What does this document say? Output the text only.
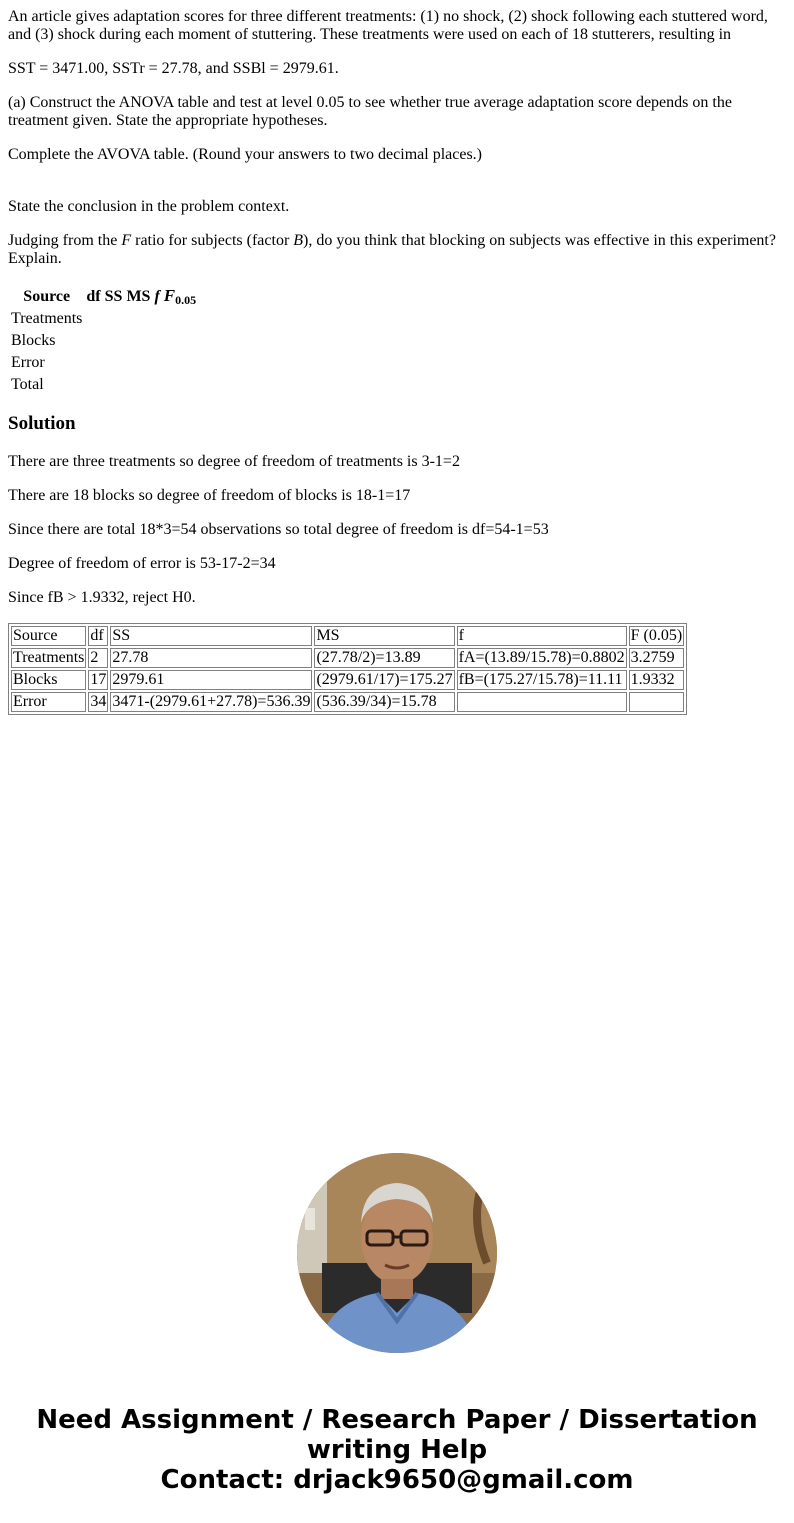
An article gives adaptation scores for three different treatments: (1) no shock, (2) shock following each stuttered word, and (3) shock during each moment of stuttering. These treatments were used on each of 18 stutterers, resulting in

SST = 3471.00, SSTr = 27.78, and SSBl = 2979.61.

(a) Construct the ANOVA table and test at level 0.05 to see whether true average adaptation score depends on the treatment given. State the appropriate hypotheses.

Complete the AVOVA table. (Round your answers to two decimal places.)

State the conclusion in the problem context.

Judging from the F ratio for subjects (factor B), do you think that blocking on subjects was effective in this experiment? Explain.

Source	df	SS	MS	f	F0.05
Treatments					
Blocks					
Error					
Total					
Solution

There are three treatments so degree of freedom of treatments is 3-1=2

There are 18 blocks so degree of freedom of blocks is 18-1=17

Since there are total 18*3=54 observations so total degree of freedom is df=54-1=53

Degree of freedom of error is 53-17-2=34

Since fB > 1.9332, reject H0.

Source	df	SS	MS	f	F (0.05)
Treatments	2	27.78	(27.78/2)=13.89	fA=(13.89/15.78)=0.8802	3.2759
Blocks	17	2979.61	(2979.61/17)=175.27	fB=(175.27/15.78)=11.11	1.9332
Error	34	3471-(2979.61+27.78)=536.39	(536.39/34)=15.78		
Need Assignment / Research Paper / Dissertation
writing Help
Contact: drjack9650@gmail.com
